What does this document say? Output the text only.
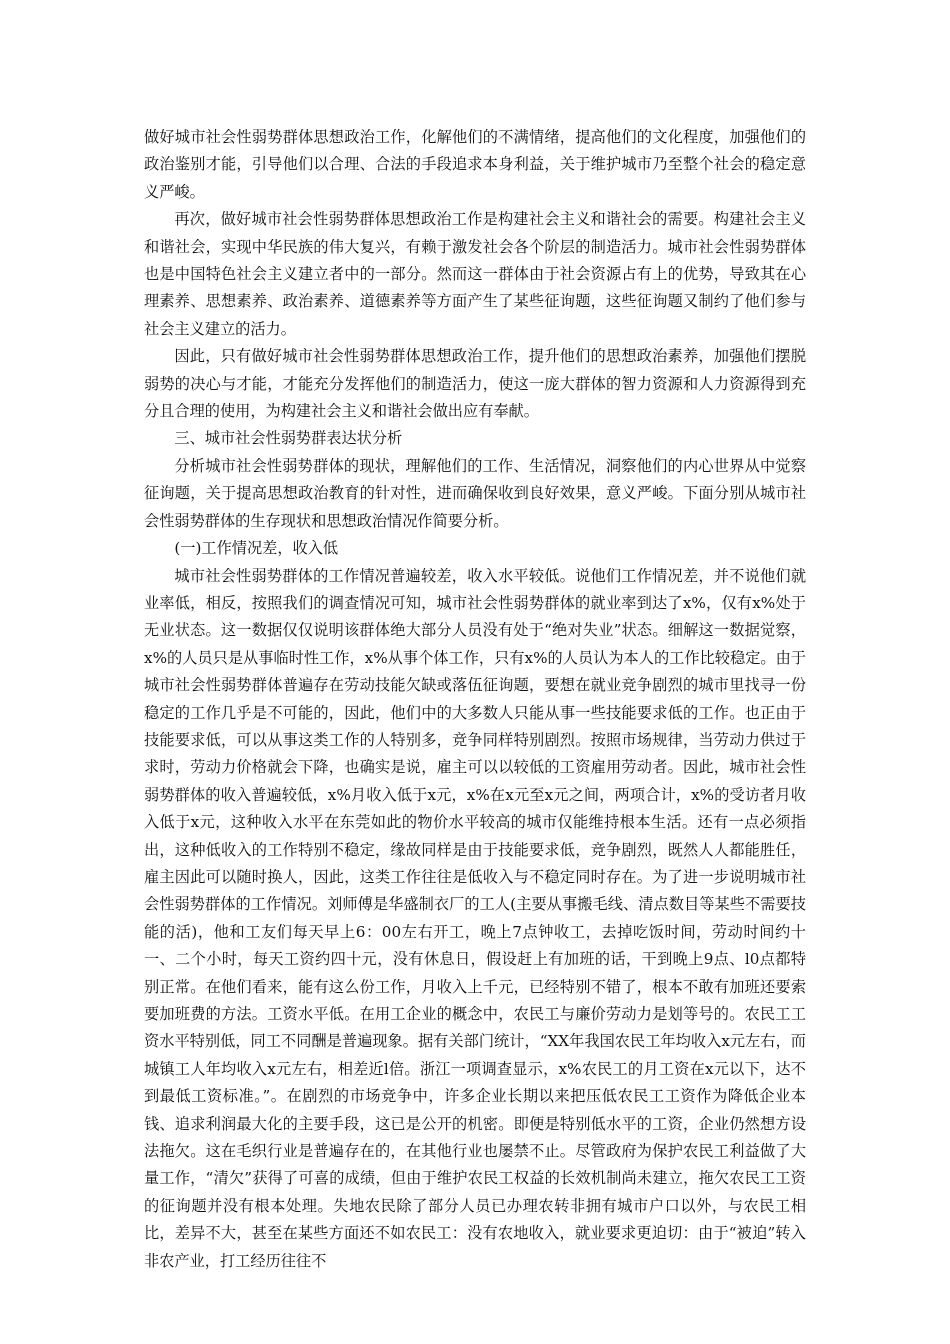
做好城市社会性弱势群体思想政治工作，化解他们的不满情绪，提高他们的文化程度，加强他们的政治鉴别才能，引导他们以合理、合法的手段追求本身利益，关于维护城市乃至整个社会的稳定意义严峻。

再次，做好城市社会性弱势群体思想政治工作是构建社会主义和谐社会的需要。构建社会主义和谐社会，实现中华民族的伟大复兴，有赖于激发社会各个阶层的制造活力。城市社会性弱势群体也是中国特色社会主义建立者中的一部分。然而这一群体由于社会资源占有上的优势，导致其在心理素养、思想素养、政治素养、道德素养等方面产生了某些征询题，这些征询题又制约了他们参与社会主义建立的活力。

因此，只有做好城市社会性弱势群体思想政治工作，提升他们的思想政治素养，加强他们摆脱弱势的决心与才能，才能充分发挥他们的制造活力，使这一庞大群体的智力资源和人力资源得到充分且合理的使用，为构建社会主义和谐社会做出应有奉献。

三、城市社会性弱势群表达状分析

分析城市社会性弱势群体的现状，理解他们的工作、生活情况，洞察他们的内心世界从中觉察征询题，关于提高思想政治教育的针对性，进而确保收到良好效果，意义严峻。下面分别从城市社会性弱势群体的生存现状和思想政治情况作简要分析。

(一)工作情况差，收入低

城市社会性弱势群体的工作情况普遍较差，收入水平较低。说他们工作情况差，并不说他们就业率低，相反，按照我们的调查情况可知，城市社会性弱势群体的就业率到达了x%，仅有x%处于无业状态。这一数据仅仅说明该群体绝大部分人员没有处于“绝对失业”状态。细解这一数据觉察，x%的人员只是从事临时性工作，x%从事个体工作，只有x%的人员认为本人的工作比较稳定。由于城市社会性弱势群体普遍存在劳动技能欠缺或落伍征询题，要想在就业竞争剧烈的城市里找寻一份稳定的工作几乎是不可能的，因此，他们中的大多数人只能从事一些技能要求低的工作。也正由于技能要求低，可以从事这类工作的人特别多，竞争同样特别剧烈。按照市场规律，当劳动力供过于求时，劳动力价格就会下降，也确实是说，雇主可以以较低的工资雇用劳动者。因此，城市社会性弱势群体的收入普遍较低，x%月收入低于x元，x%在x元至x元之间，两项合计，x%的受访者月收入低于x元，这种收入水平在东莞如此的物价水平较高的城市仅能维持根本生活。还有一点必须指出，这种低收入的工作特别不稳定，缘故同样是由于技能要求低，竞争剧烈，既然人人都能胜任，雇主因此可以随时换人，因此，这类工作往往是低收入与不稳定同时存在。为了进一步说明城市社会性弱势群体的工作情况。刘师傅是华盛制衣厂的工人(主要从事搬毛线、清点数目等某些不需要技能的活)，他和工友们每天早上6：00左右开工，晚上7点钟收工，去掉吃饭时间，劳动时间约十一、二个小时，每天工资约四十元，没有休息日，假设赶上有加班的话，干到晚上9点、l0点都特别正常。在他们看来，能有这么份工作，月收入上千元，已经特别不错了，根本不敢有加班还要索要加班费的方法。工资水平低。在用工企业的概念中，农民工与廉价劳动力是划等号的。农民工工资水平特别低，同工不同酬是普遍现象。据有关部门统计，“XX年我国农民工年均收入x元左右，而城镇工人年均收入x元左右，相差近l倍。浙江一项调查显示，x%农民工的月工资在x元以下，达不到最低工资标准。”。在剧烈的市场竞争中，许多企业长期以来把压低农民工工资作为降低企业本钱、追求利润最大化的主要手段，这已是公开的机密。即便是特别低水平的工资，企业仍然想方设法拖欠。这在毛织行业是普遍存在的，在其他行业也屡禁不止。尽管政府为保护农民工利益做了大量工作，“清欠”获得了可喜的成绩，但由于维护农民工权益的长效机制尚未建立，拖欠农民工工资的征询题并没有根本处理。失地农民除了部分人员已办理农转非拥有城市户口以外，与农民工相比，差异不大，甚至在某些方面还不如农民工：没有农地收入，就业要求更迫切：由于“被迫”转入非农产业，打工经历往往不
